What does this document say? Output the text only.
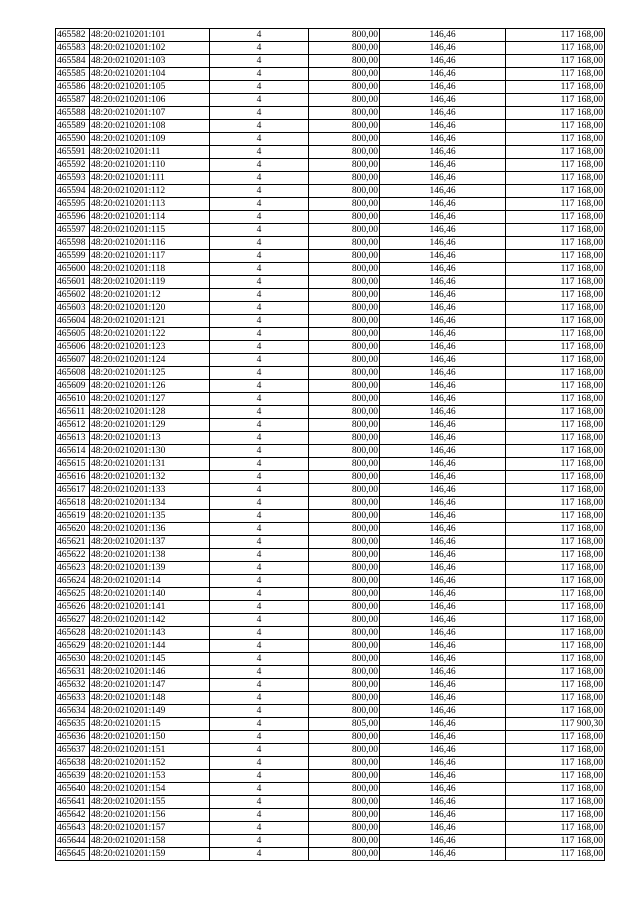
465582	48:20:0210201:101	4	800,00	146,46	117 168,00
465583	48:20:0210201:102	4	800,00	146,46	117 168,00
465584	48:20:0210201:103	4	800,00	146,46	117 168,00
465585	48:20:0210201:104	4	800,00	146,46	117 168,00
465586	48:20:0210201:105	4	800,00	146,46	117 168,00
465587	48:20:0210201:106	4	800,00	146,46	117 168,00
465588	48:20:0210201:107	4	800,00	146,46	117 168,00
465589	48:20:0210201:108	4	800,00	146,46	117 168,00
465590	48:20:0210201:109	4	800,00	146,46	117 168,00
465591	48:20:0210201:11	4	800,00	146,46	117 168,00
465592	48:20:0210201:110	4	800,00	146,46	117 168,00
465593	48:20:0210201:111	4	800,00	146,46	117 168,00
465594	48:20:0210201:112	4	800,00	146,46	117 168,00
465595	48:20:0210201:113	4	800,00	146,46	117 168,00
465596	48:20:0210201:114	4	800,00	146,46	117 168,00
465597	48:20:0210201:115	4	800,00	146,46	117 168,00
465598	48:20:0210201:116	4	800,00	146,46	117 168,00
465599	48:20:0210201:117	4	800,00	146,46	117 168,00
465600	48:20:0210201:118	4	800,00	146,46	117 168,00
465601	48:20:0210201:119	4	800,00	146,46	117 168,00
465602	48:20:0210201:12	4	800,00	146,46	117 168,00
465603	48:20:0210201:120	4	800,00	146,46	117 168,00
465604	48:20:0210201:121	4	800,00	146,46	117 168,00
465605	48:20:0210201:122	4	800,00	146,46	117 168,00
465606	48:20:0210201:123	4	800,00	146,46	117 168,00
465607	48:20:0210201:124	4	800,00	146,46	117 168,00
465608	48:20:0210201:125	4	800,00	146,46	117 168,00
465609	48:20:0210201:126	4	800,00	146,46	117 168,00
465610	48:20:0210201:127	4	800,00	146,46	117 168,00
465611	48:20:0210201:128	4	800,00	146,46	117 168,00
465612	48:20:0210201:129	4	800,00	146,46	117 168,00
465613	48:20:0210201:13	4	800,00	146,46	117 168,00
465614	48:20:0210201:130	4	800,00	146,46	117 168,00
465615	48:20:0210201:131	4	800,00	146,46	117 168,00
465616	48:20:0210201:132	4	800,00	146,46	117 168,00
465617	48:20:0210201:133	4	800,00	146,46	117 168,00
465618	48:20:0210201:134	4	800,00	146,46	117 168,00
465619	48:20:0210201:135	4	800,00	146,46	117 168,00
465620	48:20:0210201:136	4	800,00	146,46	117 168,00
465621	48:20:0210201:137	4	800,00	146,46	117 168,00
465622	48:20:0210201:138	4	800,00	146,46	117 168,00
465623	48:20:0210201:139	4	800,00	146,46	117 168,00
465624	48:20:0210201:14	4	800,00	146,46	117 168,00
465625	48:20:0210201:140	4	800,00	146,46	117 168,00
465626	48:20:0210201:141	4	800,00	146,46	117 168,00
465627	48:20:0210201:142	4	800,00	146,46	117 168,00
465628	48:20:0210201:143	4	800,00	146,46	117 168,00
465629	48:20:0210201:144	4	800,00	146,46	117 168,00
465630	48:20:0210201:145	4	800,00	146,46	117 168,00
465631	48:20:0210201:146	4	800,00	146,46	117 168,00
465632	48:20:0210201:147	4	800,00	146,46	117 168,00
465633	48:20:0210201:148	4	800,00	146,46	117 168,00
465634	48:20:0210201:149	4	800,00	146,46	117 168,00
465635	48:20:0210201:15	4	805,00	146,46	117 900,30
465636	48:20:0210201:150	4	800,00	146,46	117 168,00
465637	48:20:0210201:151	4	800,00	146,46	117 168,00
465638	48:20:0210201:152	4	800,00	146,46	117 168,00
465639	48:20:0210201:153	4	800,00	146,46	117 168,00
465640	48:20:0210201:154	4	800,00	146,46	117 168,00
465641	48:20:0210201:155	4	800,00	146,46	117 168,00
465642	48:20:0210201:156	4	800,00	146,46	117 168,00
465643	48:20:0210201:157	4	800,00	146,46	117 168,00
465644	48:20:0210201:158	4	800,00	146,46	117 168,00
465645	48:20:0210201:159	4	800,00	146,46	117 168,00
